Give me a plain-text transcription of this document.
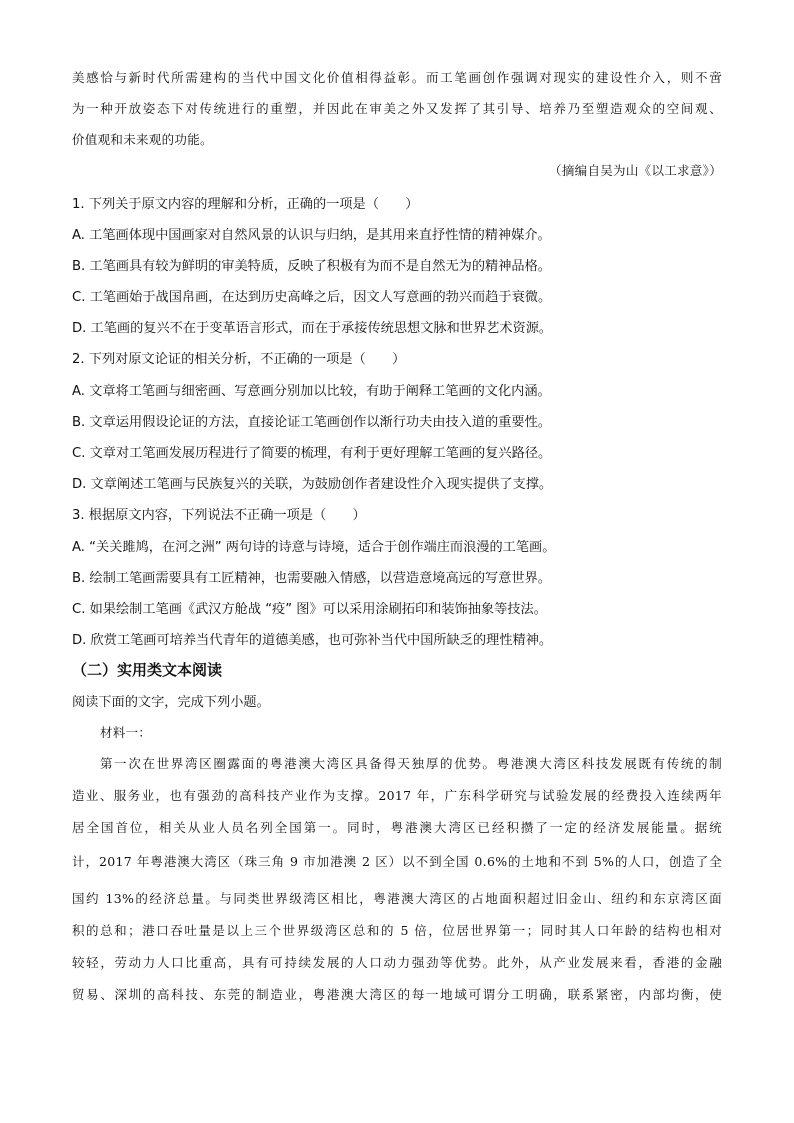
美感恰与新时代所需建构的当代中国文化价值相得益彰。而工笔画创作强调对现实的建设性介入，则不啻
为一种开放姿态下对传统进行的重塑，并因此在审美之外又发挥了其引导、培养乃至塑造观众的空间观、
价值观和未来观的功能。
（摘编自吴为山《以工求意》）
1. 下列关于原文内容的理解和分析，正确的一项是（　　）
A. 工笔画体现中国画家对自然风景的认识与归纳，是其用来直抒性情的精神媒介。
B. 工笔画具有较为鲜明的审美特质，反映了积极有为而不是自然无为的精神品格。
C. 工笔画始于战国帛画，在达到历史高峰之后，因文人写意画的勃兴而趋于衰微。
D. 工笔画的复兴不在于变革语言形式，而在于承接传统思想文脉和世界艺术资源。
2. 下列对原文论证的相关分析，不正确的一项是（　　）
A. 文章将工笔画与细密画、写意画分别加以比较，有助于阐释工笔画的文化内涵。
B. 文章运用假设论证的方法，直接论证工笔画创作以渐行功夫由技入道的重要性。
C. 文章对工笔画发展历程进行了简要的梳理，有利于更好理解工笔画的复兴路径。
D. 文章阐述工笔画与民族复兴的关联，为鼓励创作者建设性介入现实提供了支撑。
3. 根据原文内容，下列说法不正确一项是（　　）
A. “关关雎鸠，在河之洲” 两句诗的诗意与诗境，适合于创作端庄而浪漫的工笔画。
B. 绘制工笔画需要具有工匠精神，也需要融入情感，以营造意境高远的写意世界。
C. 如果绘制工笔画《武汉方舱战 “疫” 图》可以采用涂刷拓印和装饰抽象等技法。
D. 欣赏工笔画可培养当代青年的道德美感，也可弥补当代中国所缺乏的理性精神。
（二）实用类文本阅读
阅读下面的文字，完成下列小题。
材料一：
第一次在世界湾区圈露面的粤港澳大湾区具备得天独厚的优势。粤港澳大湾区科技发展既有传统的制
造业、服务业，也有强劲的高科技产业作为支撑。2017 年，广东科学研究与试验发展的经费投入连续两年
居全国首位，相关从业人员名列全国第一。同时，粤港澳大湾区已经积攒了一定的经济发展能量。据统
计，2017 年粤港澳大湾区（珠三角 9 市加港澳 2 区）以不到全国 0.6%的土地和不到 5%的人口，创造了全
国约 13%的经济总量。与同类世界级湾区相比，粤港澳大湾区的占地面积超过旧金山、纽约和东京湾区面
积的总和；港口吞吐量是以上三个世界级湾区总和的 5 倍，位居世界第一；同时其人口年龄的结构也相对
较轻，劳动力人口比重高，具有可持续发展的人口动力强劲等优势。此外，从产业发展来看，香港的金融
贸易、深圳的高科技、东莞的制造业，粤港澳大湾区的每一地域可谓分工明确，联系紧密，内部均衡，使
